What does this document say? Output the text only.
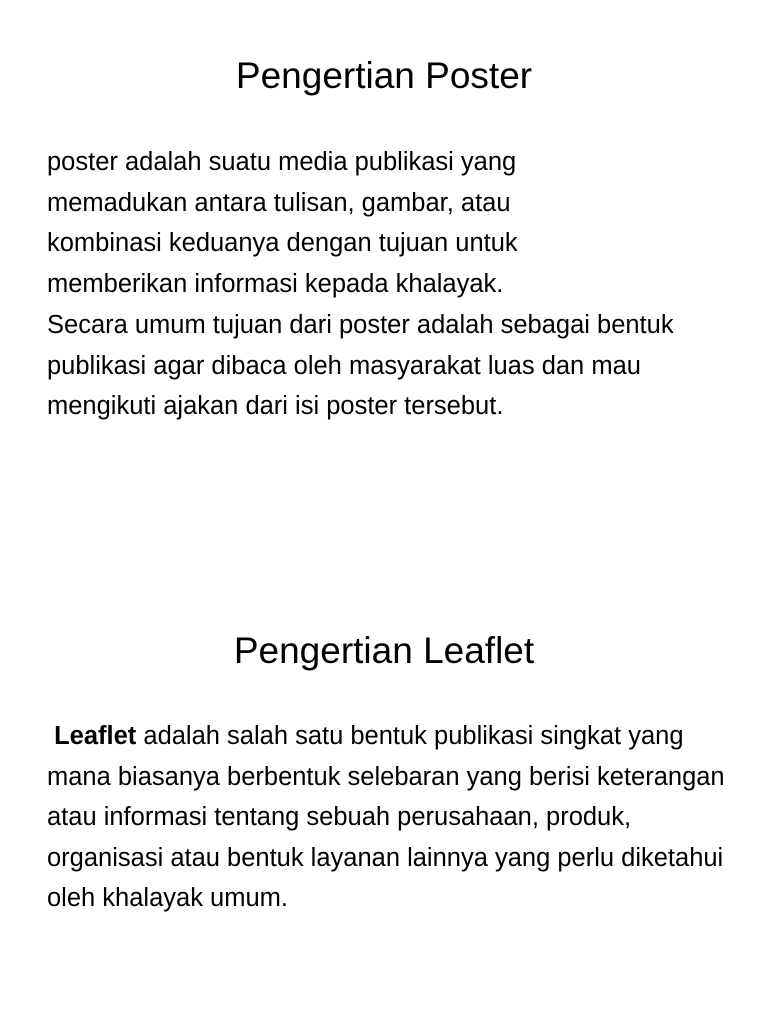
Pengertian Poster

poster adalah suatu media publikasi yang memadukan antara tulisan, gambar, atau kombinasi keduanya dengan tujuan untuk memberikan informasi kepada khalayak.

Secara umum tujuan dari poster adalah sebagai bentuk publikasi agar dibaca oleh masyarakat luas dan mau mengikuti ajakan dari isi poster tersebut.

Pengertian Leaflet

Leaflet adalah salah satu bentuk publikasi singkat yang mana biasanya berbentuk selebaran yang berisi keterangan atau informasi tentang sebuah perusahaan, produk, organisasi atau bentuk layanan lainnya yang perlu diketahui oleh khalayak umum.
